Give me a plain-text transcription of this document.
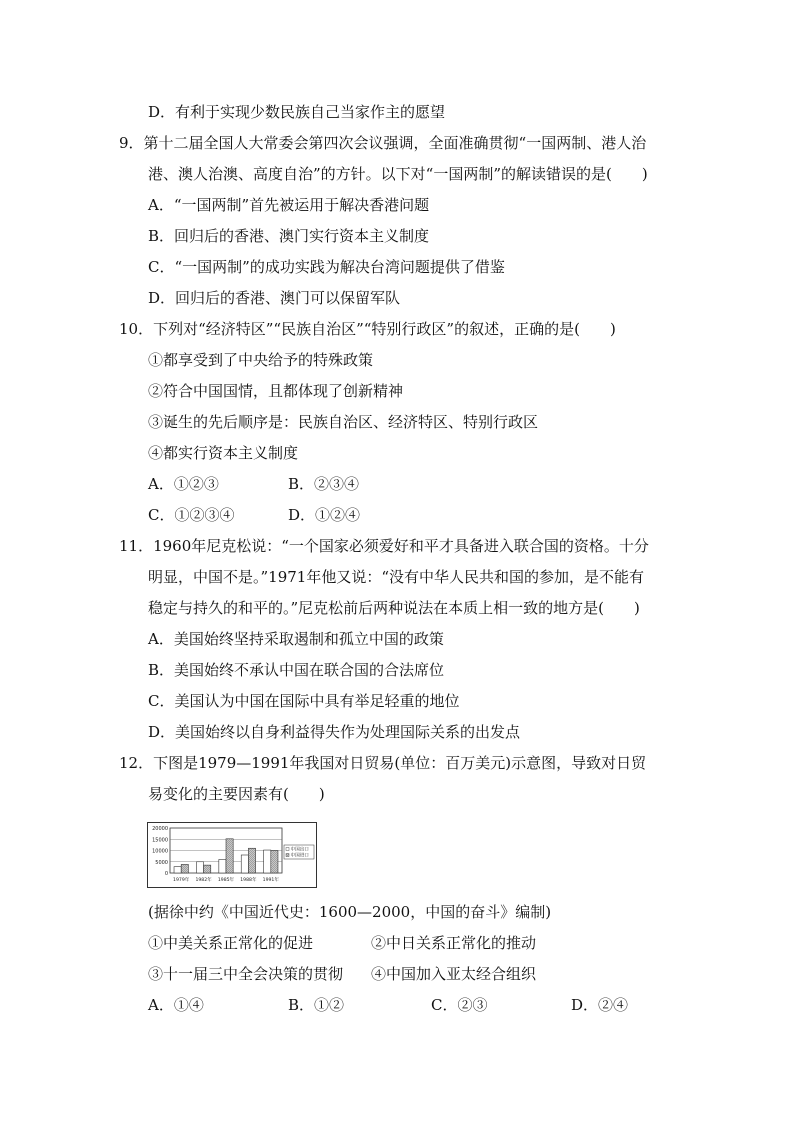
D．有利于实现少数民族自己当家作主的愿望
9．第十二届全国人大常委会第四次会议强调，全面准确贯彻“一国两制、港人治
港、澳人治澳、高度自治”的方针。以下对“一国两制”的解读错误的是(　　)
A．“一国两制”首先被运用于解决香港问题
B．回归后的香港、澳门实行资本主义制度
C．“一国两制”的成功实践为解决台湾问题提供了借鉴
D．回归后的香港、澳门可以保留军队
10．下列对“经济特区”“民族自治区”“特别行政区”的叙述，正确的是(　　)
①都享受到了中央给予的特殊政策
②符合中国国情，且都体现了创新精神
③诞生的先后顺序是：民族自治区、经济特区、特别行政区
④都实行资本主义制度
A．①②③	B．②③④
C．①②③④	D．①②④
11．1960年尼克松说：“一个国家必须爱好和平才具备进入联合国的资格。十分
明显，中国不是。”1971年他又说：“没有中华人民共和国的参加，是不能有
稳定与持久的和平的。”尼克松前后两种说法在本质上相一致的地方是(　　)
A．美国始终坚持采取遏制和孤立中国的政策
B．美国始终不承认中国在联合国的合法席位
C．美国认为中国在国际中具有举足轻重的地位
D．美国始终以自身利益得失作为处理国际关系的出发点
12．下图是1979—1991年我国对日贸易(单位：百万美元)示意图，导致对日贸
易变化的主要因素有(　　)
20000
15000
10000
5000
0
1979年 1982年 1985年 1988年 1991年
中国出口
中国进口
(据徐中约《中国近代史：1600—2000，中国的奋斗》编制)
①中美关系正常化的促进	②中日关系正常化的推动
③十一届三中全会决策的贯彻 ④中国加入亚太经合组织
A．①④	B．①②	C．②③	D．②④
